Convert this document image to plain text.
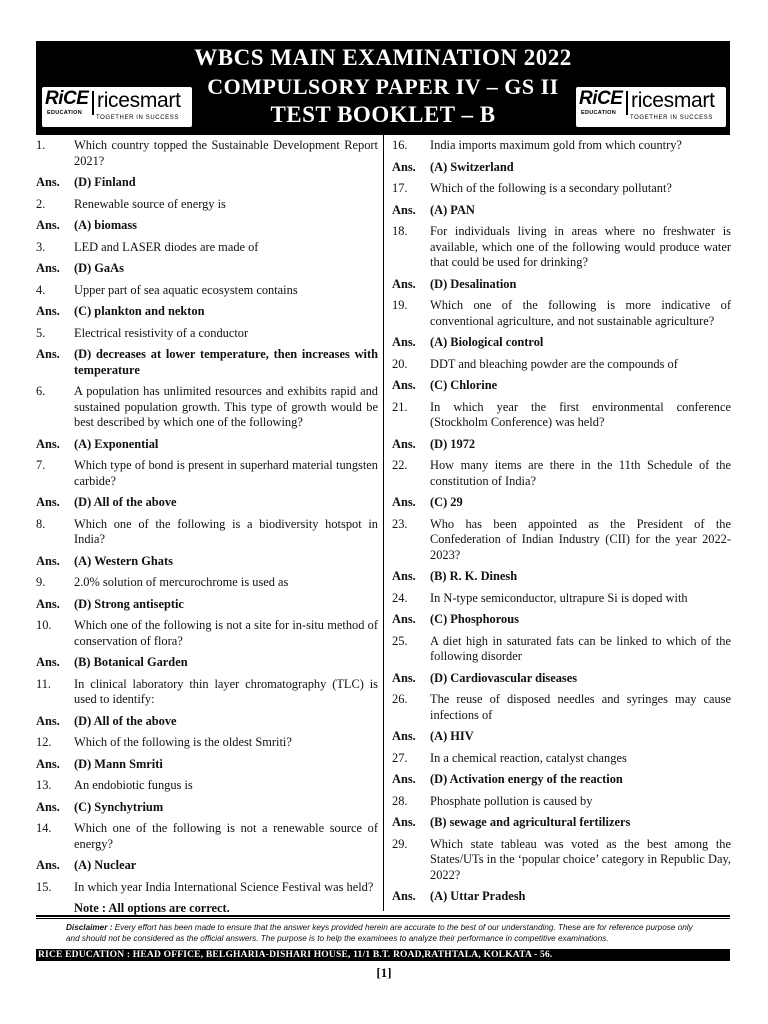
WBCS MAIN EXAMINATION 2022
COMPULSORY PAPER IV – GS II
TEST BOOKLET – B
RiCE
EDUCATION
ricesmart
TOGETHER IN SUCCESS
RiCE
EDUCATION
ricesmart
TOGETHER IN SUCCESS
1.	Which country topped the Sustainable Development Report 2021?
Ans.	(D) Finland
2.	Renewable source of energy is
Ans.	(A) biomass
3.	LED and LASER diodes are made of
Ans.	(D) GaAs
4.	Upper part of sea aquatic ecosystem contains
Ans.	(C) plankton and nekton
5.	Electrical resistivity of a conductor
Ans.	(D) decreases at lower temperature, then increases with temperature
6.	A population has unlimited resources and exhibits rapid and sustained population growth. This type of growth would be best described by which one of the following?
Ans.	(A) Exponential
7.	Which type of bond is present in superhard material tungsten carbide?
Ans.	(D) All of the above
8.	Which one of the following is a biodiversity hotspot in India?
Ans.	(A) Western Ghats
9.	2.0% solution of mercurochrome is used as
Ans.	(D) Strong antiseptic
10.	Which one of the following is not a site for in-situ method of conservation of flora?
Ans.	(B) Botanical Garden
11.	In clinical laboratory thin layer chromatography (TLC) is used to identify:
Ans.	(D) All of the above
12.	Which of the following is the oldest Smriti?
Ans.	(D) Mann Smriti
13.	An endobiotic fungus is
Ans.	(C) Synchytrium
14.	Which one of the following is not a renewable source of energy?
Ans.	(A) Nuclear
15.	In which year India International Science Festival was held?
Note : All options are correct.
16.	India imports maximum gold from which country?
Ans.	(A) Switzerland
17.	Which of the following is a secondary pollutant?
Ans.	(A) PAN
18.	For individuals living in areas where no freshwater is available, which one of the following would produce water that could be used for drinking?
Ans.	(D) Desalination
19.	Which one of the following is more indicative of conventional agriculture, and not sustainable agriculture?
Ans.	(A) Biological control
20.	DDT and bleaching powder are the compounds of
Ans.	(C) Chlorine
21.	In which year the first environmental conference (Stockholm Conference) was held?
Ans.	(D) 1972
22.	How many items are there in the 11th Schedule of the constitution of India?
Ans.	(C) 29
23.	Who has been appointed as the President of the Confederation of Indian Industry (CII) for the year 2022-2023?
Ans.	(B) R. K. Dinesh
24.	In N-type semiconductor, ultrapure Si is doped with
Ans.	(C) Phosphorous
25.	A diet high in saturated fats can be linked to which of the following disorder
Ans.	(D) Cardiovascular diseases
26.	The reuse of disposed needles and syringes may cause infections of
Ans.	(A) HIV
27.	In a chemical reaction, catalyst changes
Ans.	(D) Activation energy of the reaction
28.	Phosphate pollution is caused by
Ans.	(B) sewage and agricultural fertilizers
29.	Which state tableau was voted as the best among the States/UTs in the ‘popular choice’ category in Republic Day, 2022?
Ans.	(A) Uttar Pradesh
Disclaimer : Every effort has been made to ensure that the answer keys provided herein are accurate to the best of our understanding. These are for reference purpose only and should not be considered as the official answers. The purpose is to help the examinees to analyze their performance in competitive examinations.
RICE EDUCATION : HEAD OFFICE, BELGHARIA-DISHARI HOUSE, 11/1 B.T. ROAD,RATHTALA, KOLKATA - 56.
[1]
